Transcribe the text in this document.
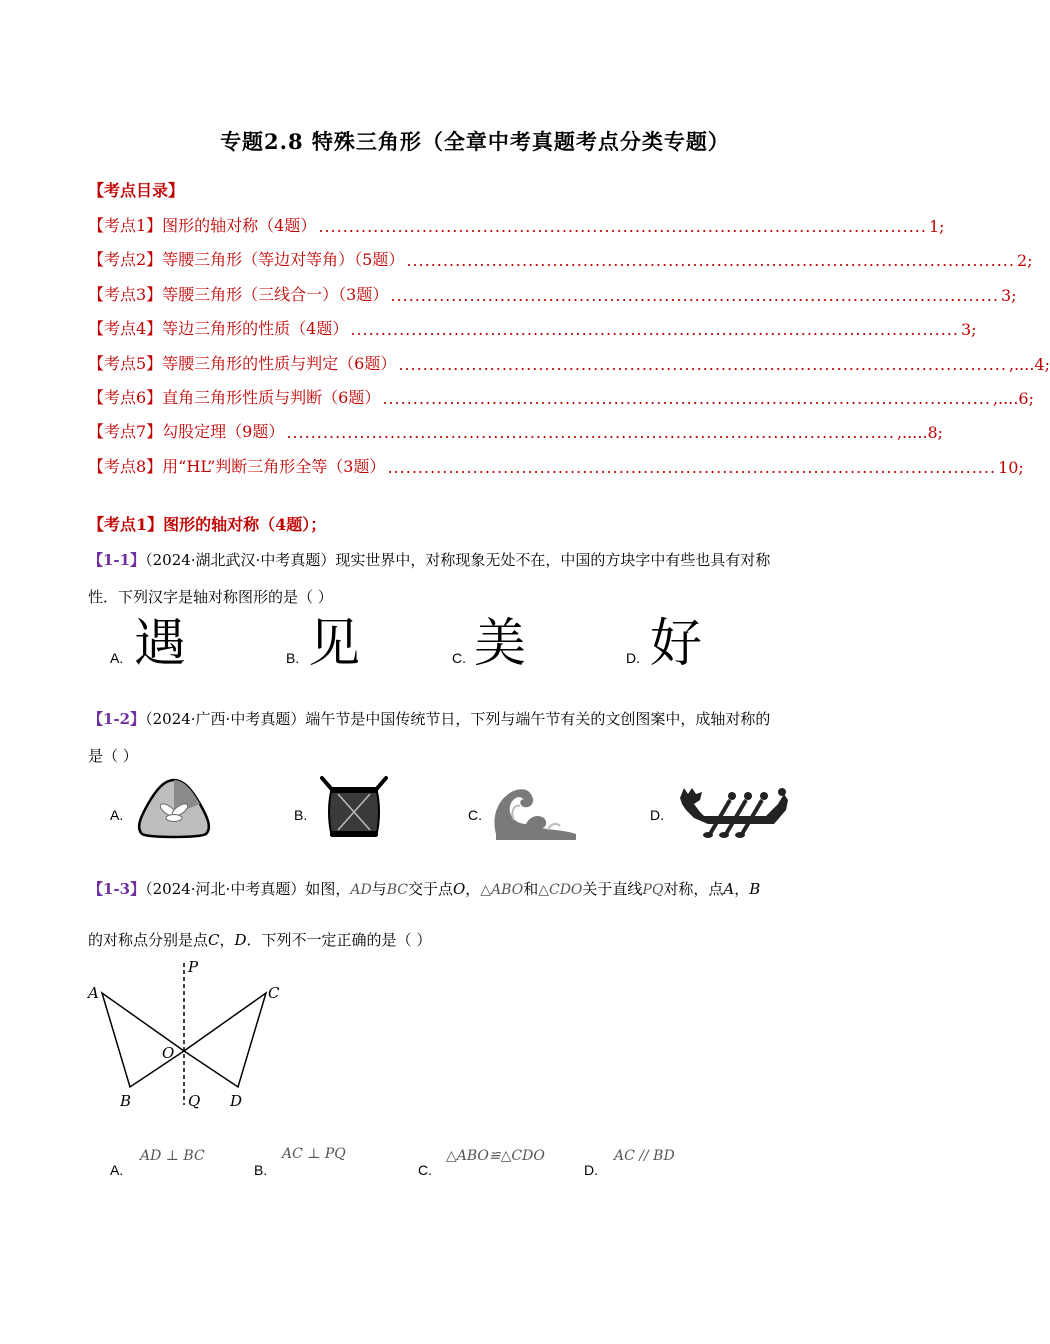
专题2.8 特殊三角形（全章中考真题考点分类专题）
【考点目录】
【考点1】图形的轴对称（4题） .................................................................................................... 1;
【考点2】等腰三角形（等边对等角）（5题） .................................................................................................... 2;
【考点3】等腰三角形（三线合一）（3题） .................................................................................................... 3;
【考点4】等边三角形的性质（4题） .................................................................................................... 3;
【考点5】等腰三角形的性质与判定（6题） .................................................................................................... ,....4;
【考点6】直角三角形性质与判断（6题） .................................................................................................... ,....6;
【考点7】勾股定理（9题） .................................................................................................... ,.....8;
【考点8】用“HL”判断三角形全等（3题） .................................................................................................... 10;
【考点1】图形的轴对称（4题）；
【1-1】（2024·湖北武汉·中考真题）现实世界中，对称现象无处不在，中国的方块字中有些也具有对称
性．下列汉字是轴对称图形的是（ ）
A. 遇	B. 见	C. 美	D. 好
【1-2】（2024·广西·中考真题）端午节是中国传统节日，下列与端午节有关的文创图案中，成轴对称的
是（ ）
A.	B.	C.	D.
【1-3】（2024·河北·中考真题）如图，AD与BC交于点O，△ABO和△CDO关于直线PQ对称，点A，B
的对称点分别是点C，D．下列不一定正确的是（ ）
P
A	C
O
B	Q D
A.
AD ⊥ BC
B.
AC ⊥ PQ
C.
△ABO≌△CDO
D.
AC // BD
